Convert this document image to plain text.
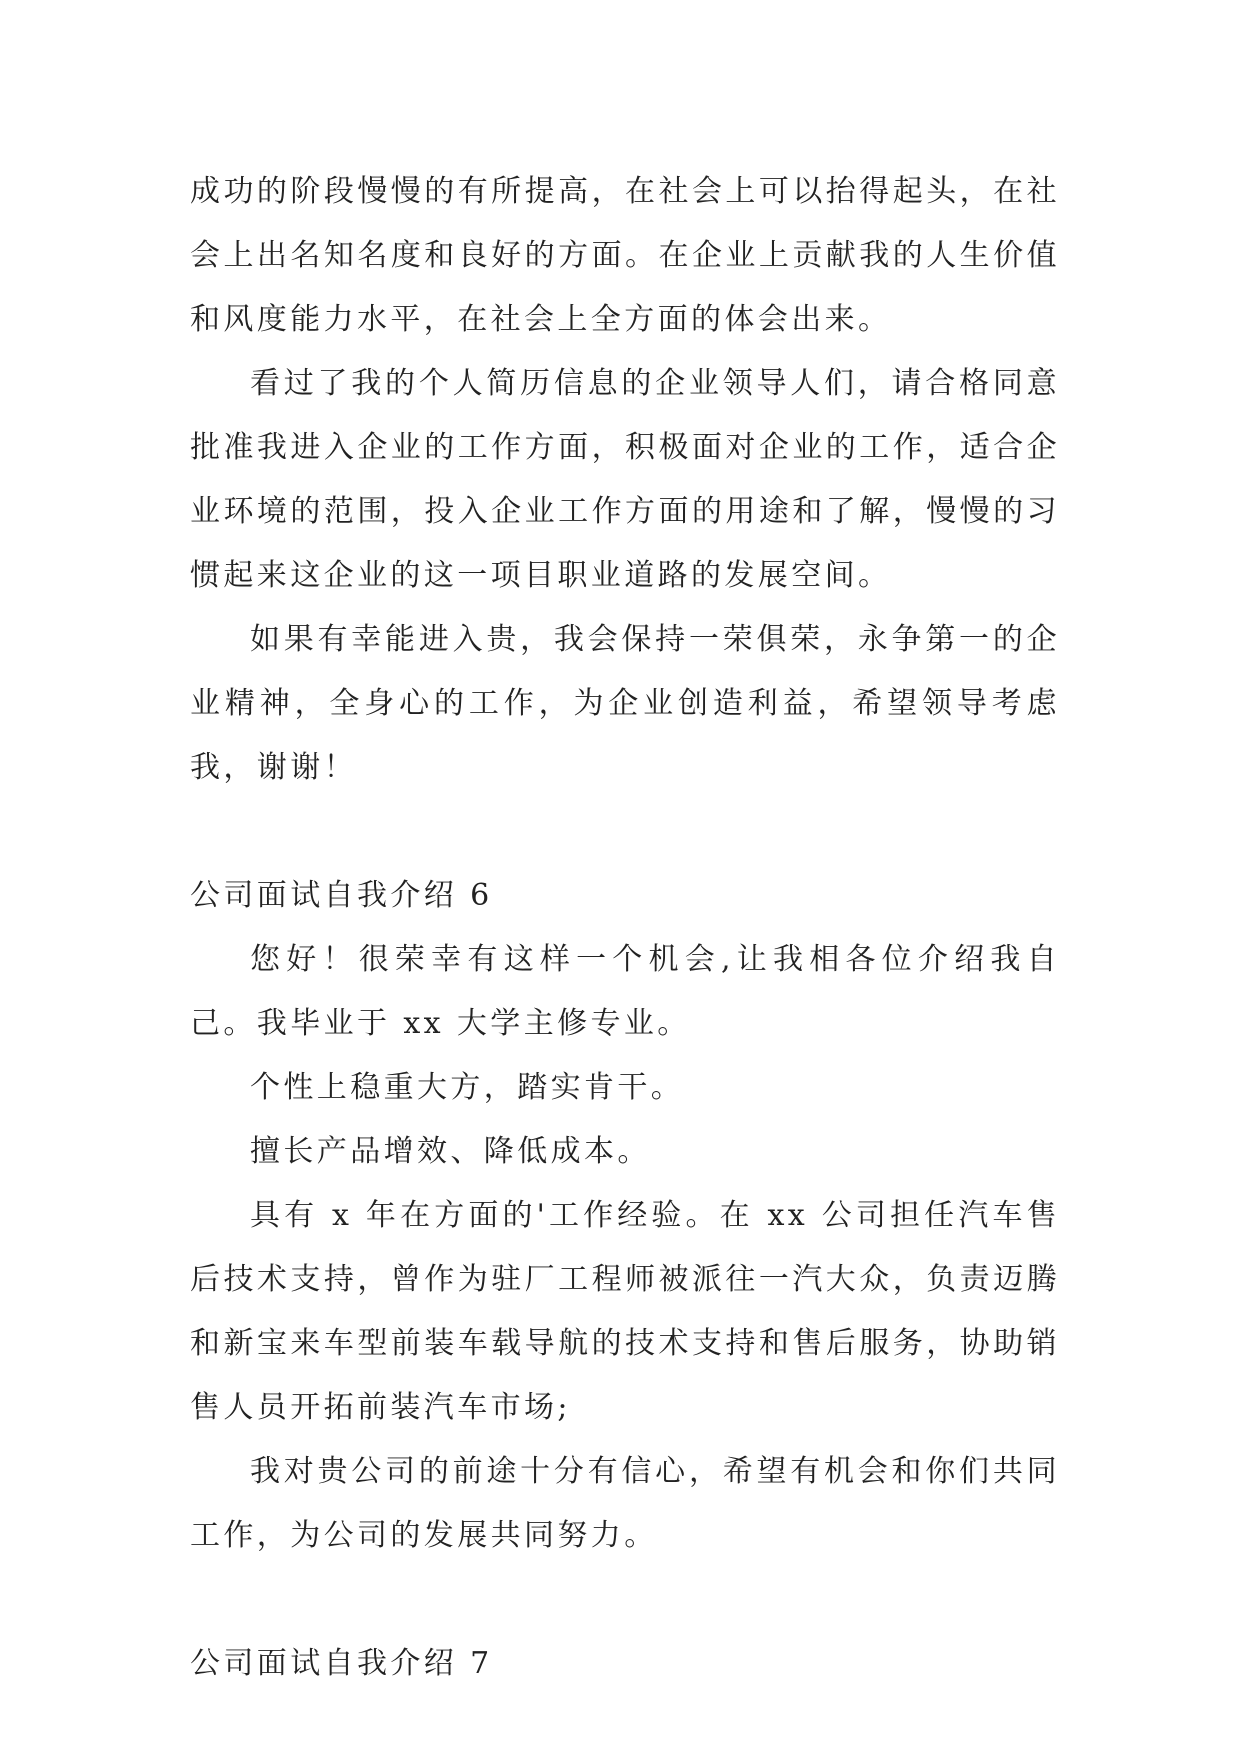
成功的阶段慢慢的有所提高，在社会上可以抬得起头，在社会上出名知名度和良好的方面。在企业上贡献我的人生价值和风度能力水平，在社会上全方面的体会出来。

看过了我的个人简历信息的企业领导人们，请合格同意批准我进入企业的工作方面，积极面对企业的工作，适合企业环境的范围，投入企业工作方面的用途和了解，慢慢的习惯起来这企业的这一项目职业道路的发展空间。

如果有幸能进入贵，我会保持一荣俱荣，永争第一的企业精神，全身心的工作，为企业创造利益，希望领导考虑我，谢谢！

公司面试自我介绍 6

您好！很荣幸有这样一个机会,让我相各位介绍我自己。我毕业于 xx 大学主修专业。

个性上稳重大方，踏实肯干。

擅长产品增效、降低成本。

具有 x 年在方面的'工作经验。在 xx 公司担任汽车售后技术支持，曾作为驻厂工程师被派往一汽大众，负责迈腾和新宝来车型前装车载导航的技术支持和售后服务，协助销售人员开拓前装汽车市场;

我对贵公司的前途十分有信心，希望有机会和你们共同工作，为公司的发展共同努力。

公司面试自我介绍 7
